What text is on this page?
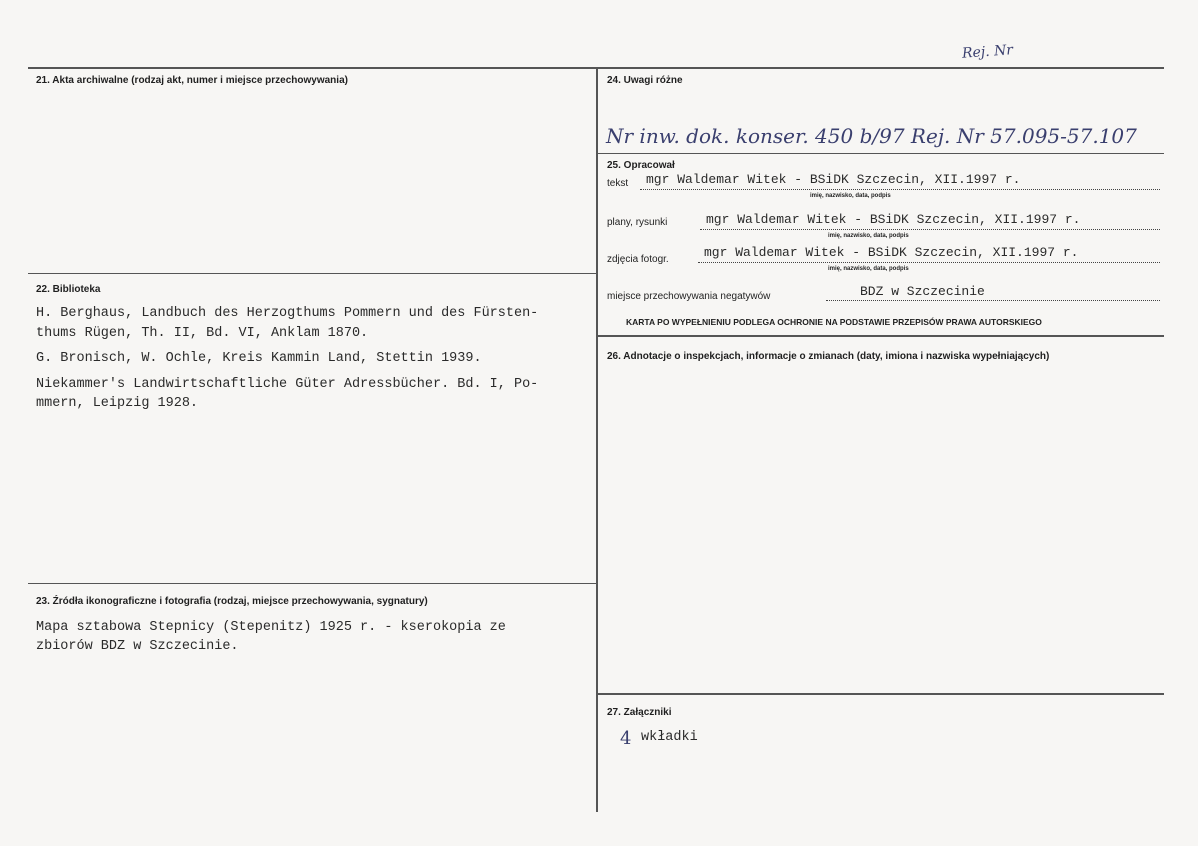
21. Akta archiwalne (rodzaj akt, numer i miejsce przechowywania)
22. Biblioteka
H. Berghaus, Landbuch des Herzogthums Pommern und des Fürsten-
thums Rügen, Th. II, Bd. VI, Anklam 1870.
G. Bronisch, W. Ochle, Kreis Kammin Land, Stettin 1939.
Niekammer's Landwirtschaftliche Güter Adressbücher. Bd. I, Po-
mmern, Leipzig 1928.
23. Źródła ikonograficzne i fotografia (rodzaj, miejsce przechowywania, sygnatury)
Mapa sztabowa Stepnicy (Stepenitz) 1925 r. - kserokopia ze
zbiorów BDZ w Szczecinie.
24. Uwagi różne
Rej. Nr
Nr inw. dok. konser. 450 b/97 Rej. Nr 57.095-57.107
25. Opracował
tekst mgr Waldemar Witek - BSiDK Szczecin, XII.1997 r.
imię, nazwisko, data, podpis
plany, rysunki	mgr Waldemar Witek - BSiDK Szczecin, XII.1997 r.
imię, nazwisko, data, podpis
zdjęcia fotogr.	mgr Waldemar Witek - BSiDK Szczecin, XII.1997 r.
imię, nazwisko, data, podpis
miejsce przechowywania negatywów	BDZ w Szczecinie
KARTA PO WYPEŁNIENIU PODLEGA OCHRONIE NA PODSTAWIE PRZEPISÓW PRAWA AUTORSKIEGO
26. Adnotacje o inspekcjach, informacje o zmianach (daty, imiona i nazwiska wypełniających)
27. Załączniki
4 wkładki
